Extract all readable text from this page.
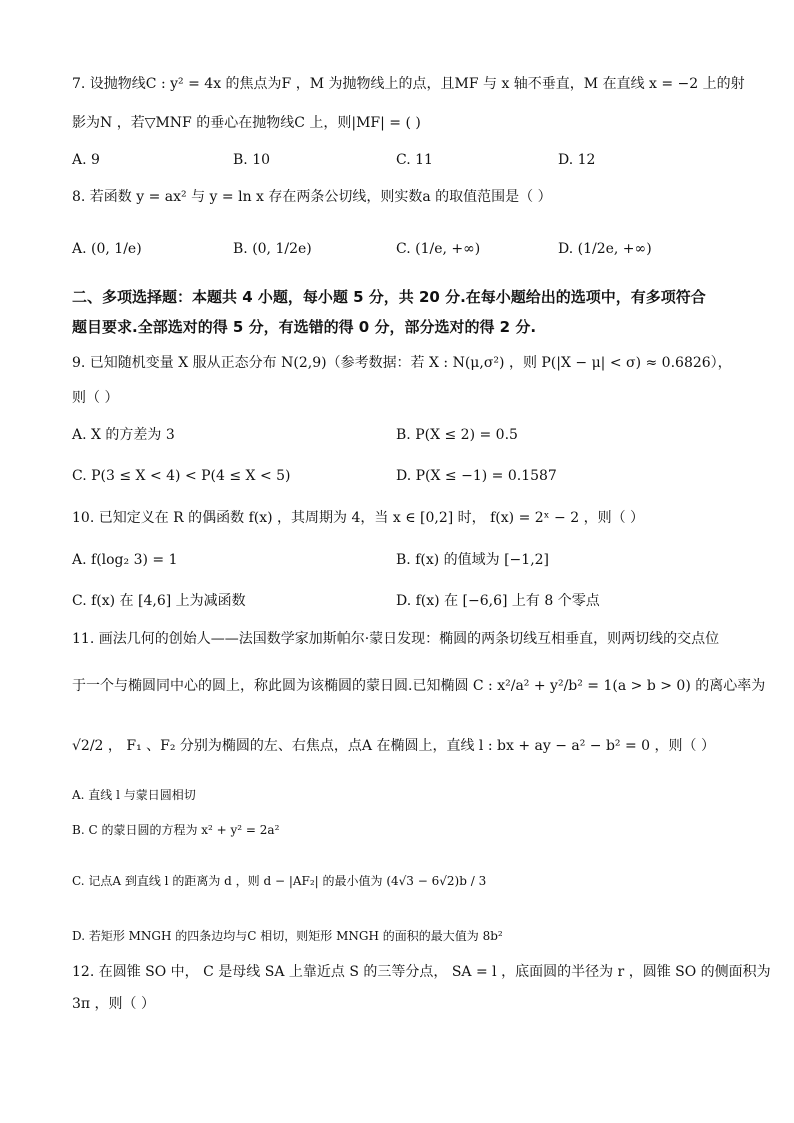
7. 设抛物线C : y² = 4x 的焦点为F ，M 为抛物线上的点，且MF 与 x 轴不垂直，M 在直线 x = −2 上的射
影为N ，若▽MNF 的垂心在抛物线C 上，则|MF| = ( )
A. 9	B. 10	C. 11	D. 12
8. 若函数 y = ax² 与 y = ln x 存在两条公切线，则实数a 的取值范围是（ ）
A. (0, 1/e)	B. (0, 1/2e)	C. (1/e, +∞)	D. (1/2e, +∞)
二、多项选择题：本题共 4 小题，每小题 5 分，共 20 分.在每小题给出的选项中，有多项符合
题目要求.全部选对的得 5 分，有选错的得 0 分，部分选对的得 2 分.
9. 已知随机变量 X 服从正态分布 N(2,9)（参考数据：若 X : N(μ,σ²) ，则 P(|X − μ| < σ) ≈ 0.6826），
则（ ）
A. X 的方差为 3	B. P(X ≤ 2) = 0.5
C. P(3 ≤ X < 4) < P(4 ≤ X < 5)	D. P(X ≤ −1) = 0.1587
10. 已知定义在 R 的偶函数 f(x) ，其周期为 4，当 x ∈ [0,2] 时， f(x) = 2ˣ − 2 ，则（ ）
A. f(log₂ 3) = 1	B. f(x) 的值域为 [−1,2]
C. f(x) 在 [4,6] 上为减函数	D. f(x) 在 [−6,6] 上有 8 个零点
11. 画法几何的创始人——法国数学家加斯帕尔·蒙日发现：椭圆的两条切线互相垂直，则两切线的交点位
于一个与椭圆同中心的圆上，称此圆为该椭圆的蒙日圆.已知椭圆 C : x²/a² + y²/b² = 1(a > b > 0) 的离心率为
√2/2 ， F₁ 、F₂ 分别为椭圆的左、右焦点，点A 在椭圆上，直线 l : bx + ay − a² − b² = 0 ，则（ ）
A. 直线 l 与蒙日圆相切
B. C 的蒙日圆的方程为 x² + y² = 2a²
C. 记点A 到直线 l 的距离为 d ，则 d − |AF₂| 的最小值为 (4√3 − 6√2)b / 3
D. 若矩形 MNGH 的四条边均与C 相切，则矩形 MNGH 的面积的最大值为 8b²
12. 在圆锥 SO 中， C 是母线 SA 上靠近点 S 的三等分点， SA = l ，底面圆的半径为 r ，圆锥 SO 的侧面积为
3π ，则（ ）
